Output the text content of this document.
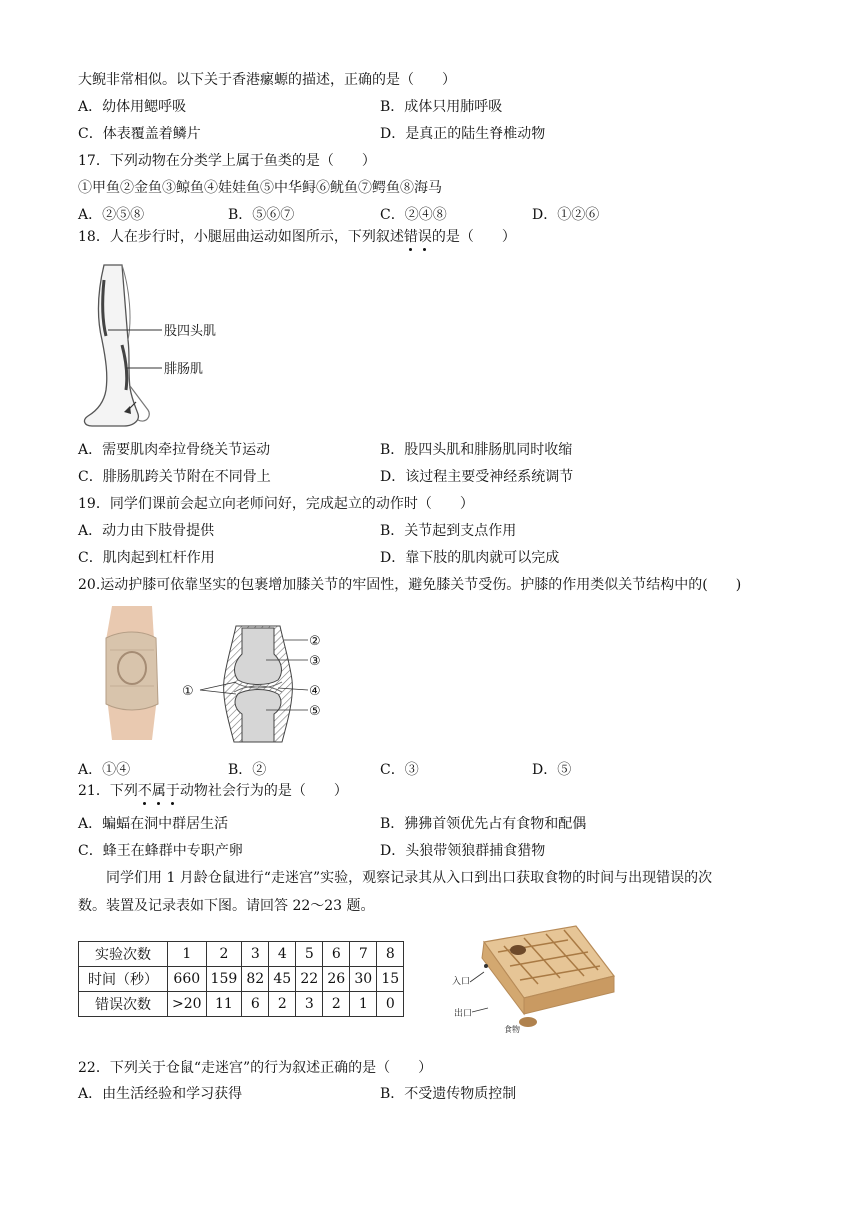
大鲵非常相似。以下关于香港瘰螈的描述，正确的是（　　）
A．幼体用鳃呼吸	B．成体只用肺呼吸
C．体表覆盖着鳞片	D．是真正的陆生脊椎动物
17．下列动物在分类学上属于鱼类的是（　　）
①甲鱼②金鱼③鲸鱼④娃娃鱼⑤中华鲟⑥鱿鱼⑦鳄鱼⑧海马
A．②⑤⑧	B．⑤⑥⑦	C．②④⑧	D．①②⑥
18．人在步行时，小腿屈曲运动如图所示，下列叙述错误的是（　　）
股四头肌
腓肠肌
A．需要肌肉牵拉骨绕关节运动	B．股四头肌和腓肠肌同时收缩
C．腓肠肌跨关节附在不同骨上	D．该过程主要受神经系统调节
19．同学们课前会起立向老师问好，完成起立的动作时（　　）
A．动力由下肢骨提供	B．关节起到支点作用
C．肌肉起到杠杆作用	D．靠下肢的肌肉就可以完成
20.运动护膝可依靠坚实的包裹增加膝关节的牢固性，避免膝关节受伤。护膝的作用类似关节结构中的(　　)
①
②
③
④
⑤
A．①④	B．②	C．③	D．⑤
21．下列不属于动物社会行为的是（　　）
A．蝙蝠在洞中群居生活	B．狒狒首领优先占有食物和配偶
C．蜂王在蜂群中专职产卵	D．头狼带领狼群捕食猎物
同学们用 1 月龄仓鼠进行“走迷宫”实验，观察记录其从入口到出口获取食物的时间与出现错误的次
数。装置及记录表如下图。请回答 22～23 题。
实验次数	1	2	3	4	5	6	7	8
时间（秒）	660	159	82	45	22	26	30	15
错误次数	>20	11	6	2	3	2	1	0
入口
出口
食物
22．下列关于仓鼠“走迷宫”的行为叙述正确的是（　　）
A．由生活经验和学习获得	B．不受遗传物质控制
